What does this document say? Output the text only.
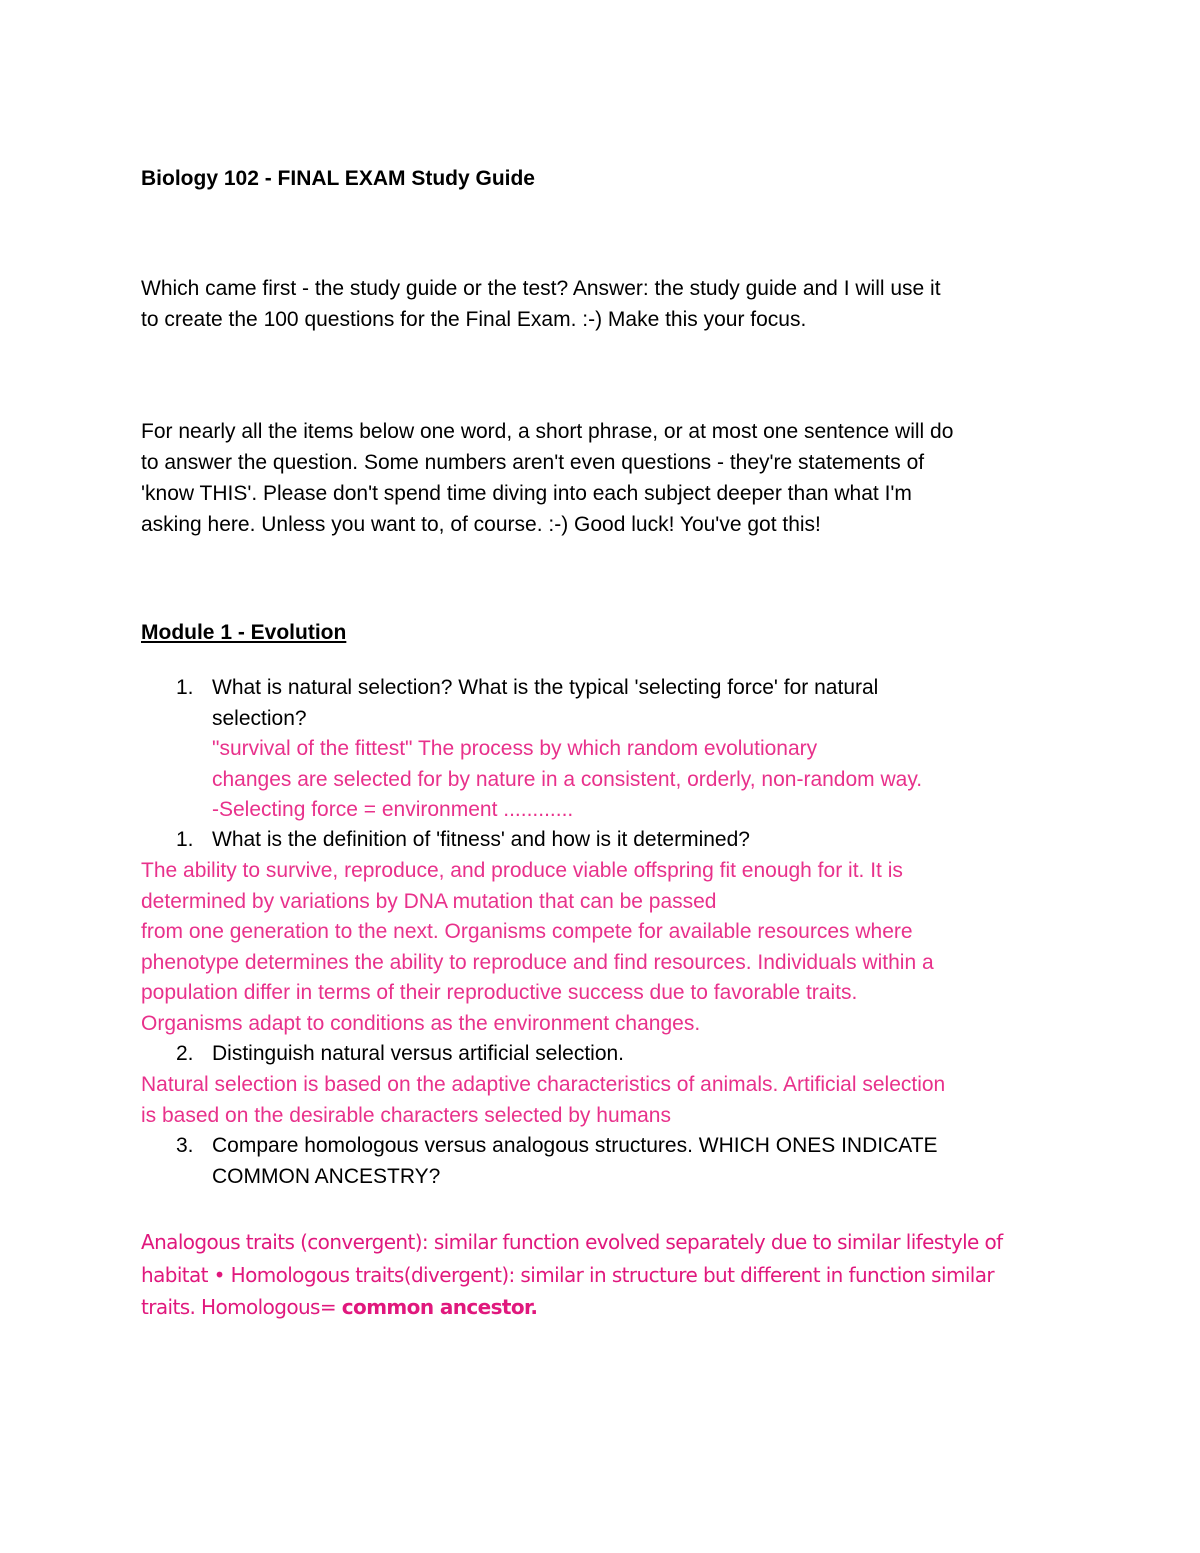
Biology 102 - FINAL EXAM Study Guide
Which came first - the study guide or the test? Answer: the study guide and I will use it
to create the 100 questions for the Final Exam. :-) Make this your focus.
For nearly all the items below one word, a short phrase, or at most one sentence will do
to answer the question. Some numbers aren't even questions - they're statements of
'know THIS'. Please don't spend time diving into each subject deeper than what I'm
asking here. Unless you want to, of course. :-) Good luck! You've got this!
Module 1 - Evolution
1. What is natural selection? What is the typical 'selecting force' for natural
selection?
"survival of the fittest" The process by which random evolutionary
changes are selected for by nature in a consistent, orderly, non-random way.
-Selecting force = environment ............
1. What is the definition of 'fitness' and how is it determined?
The ability to survive, reproduce, and produce viable offspring fit enough for it. It is
determined by variations by DNA mutation that can be passed
from one generation to the next. Organisms compete for available resources where
phenotype determines the ability to reproduce and find resources. Individuals within a
population differ in terms of their reproductive success due to favorable traits.
Organisms adapt to conditions as the environment changes.
2. Distinguish natural versus artificial selection.
Natural selection is based on the adaptive characteristics of animals. Artificial selection
is based on the desirable characters selected by humans
3. Compare homologous versus analogous structures. WHICH ONES INDICATE
COMMON ANCESTRY?
Analogous traits (convergent): similar function evolved separately due to similar lifestyle of
habitat • Homologous traits(divergent): similar in structure but different in function similar
traits. Homologous= common ancestor.
